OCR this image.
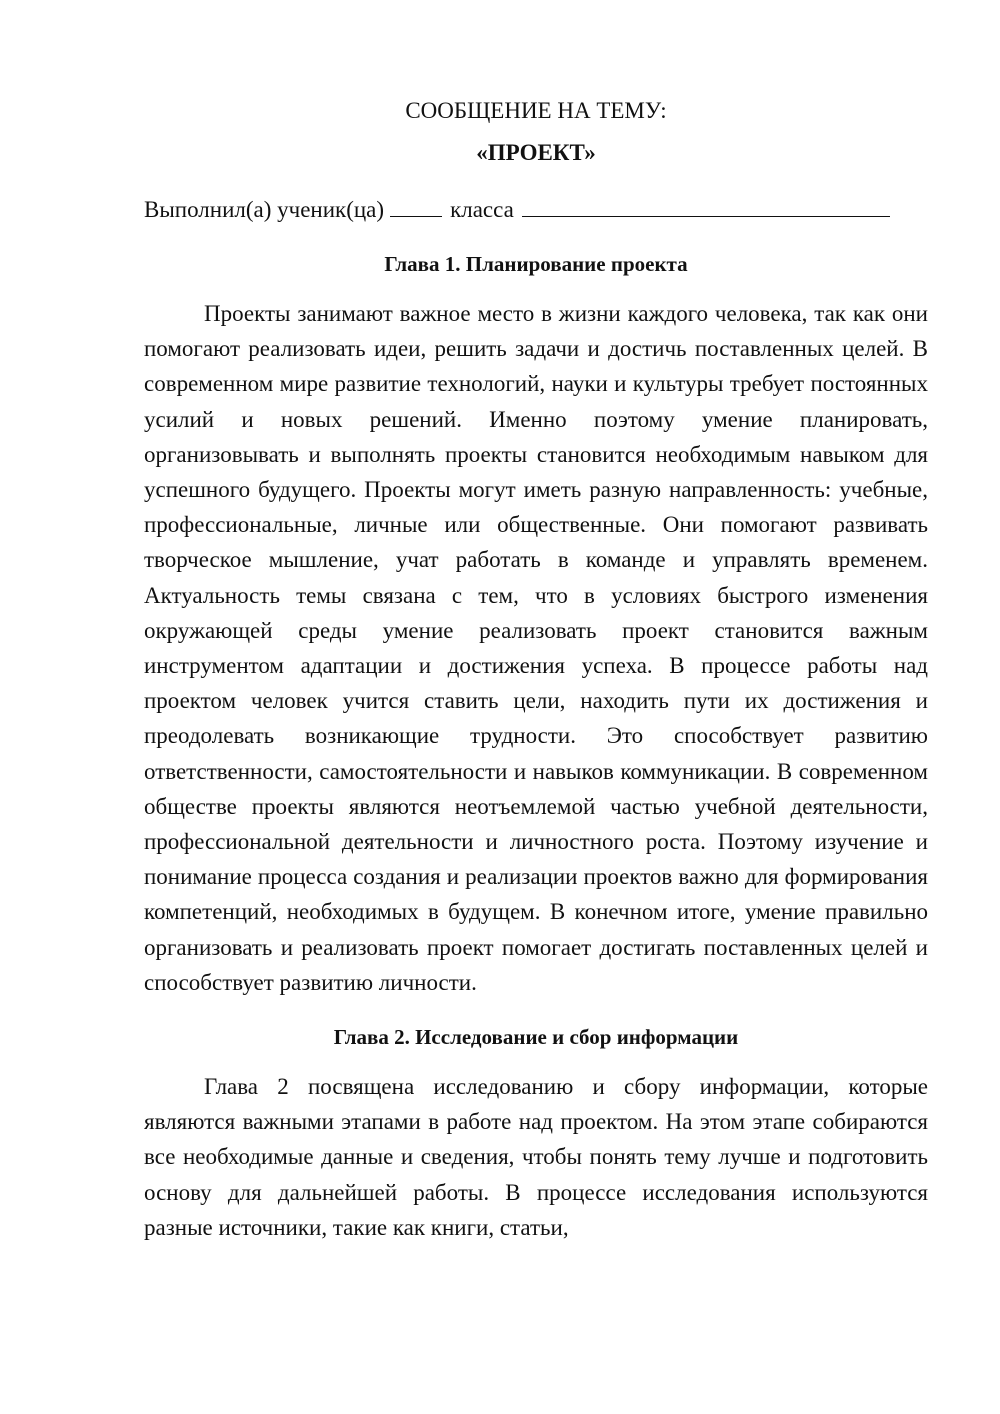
СООБЩЕНИЕ НА ТЕМУ:

«ПРОЕКТ»

Выполнил(а) ученик(ца)	класса
Глава 1. Планирование проекта

Проекты занимают важное место в жизни каждого человека, так как они помогают реализовать идеи, решить задачи и достичь поставленных целей. В современном мире развитие технологий, науки и культуры требует постоянных усилий и новых решений. Именно поэтому умение планировать, организовывать и выполнять проекты становится необходимым навыком для успешного будущего. Проекты могут иметь разную направленность: учебные, профессиональные, личные или общественные. Они помогают развивать творческое мышление, учат работать в команде и управлять временем. Актуальность темы связана с тем, что в условиях быстрого изменения окружающей среды умение реализовать проект становится важным инструментом адаптации и достижения успеха. В процессе работы над проектом человек учится ставить цели, находить пути их достижения и преодолевать возникающие трудности. Это способствует развитию ответственности, самостоятельности и навыков коммуникации. В современном обществе проекты являются неотъемлемой частью учебной деятельности, профессиональной деятельности и личностного роста. Поэтому изучение и понимание процесса создания и реализации проектов важно для формирования компетенций, необходимых в будущем. В конечном итоге, умение правильно организовать и реализовать проект помогает достигать поставленных целей и способствует развитию личности.

Глава 2. Исследование и сбор информации

Глава 2 посвящена исследованию и сбору информации, которые являются важными этапами в работе над проектом. На этом этапе собираются все необходимые данные и сведения, чтобы понять тему лучше и подготовить основу для дальнейшей работы. В процессе исследования используются разные источники, такие как книги, статьи,
